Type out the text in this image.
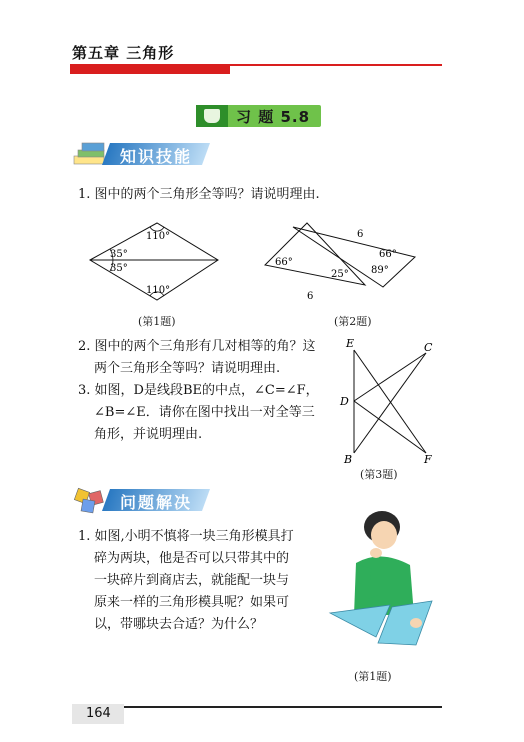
第五章 三角形
习 题 5.8
知识技能
1. 图中的两个三角形全等吗？请说明理由.
110°
35°
35°
110°
(第1题)
66°
25°
6
6
66°
89°
(第2题)
2. 图中的两个三角形有几对相等的角？这
两个三角形全等吗？请说明理由.
3. 如图，D是线段BE的中点，∠C=∠F，
∠B=∠E．请你在图中找出一对全等三
角形，并说明理由.
E	C
D
B	F
(第3题)
问题解决
1. 如图,小明不慎将一块三角形模具打
碎为两块，他是否可以只带其中的
一块碎片到商店去，就能配一块与
原来一样的三角形模具呢？如果可
以，带哪块去合适？为什么？
(第1题)
164
